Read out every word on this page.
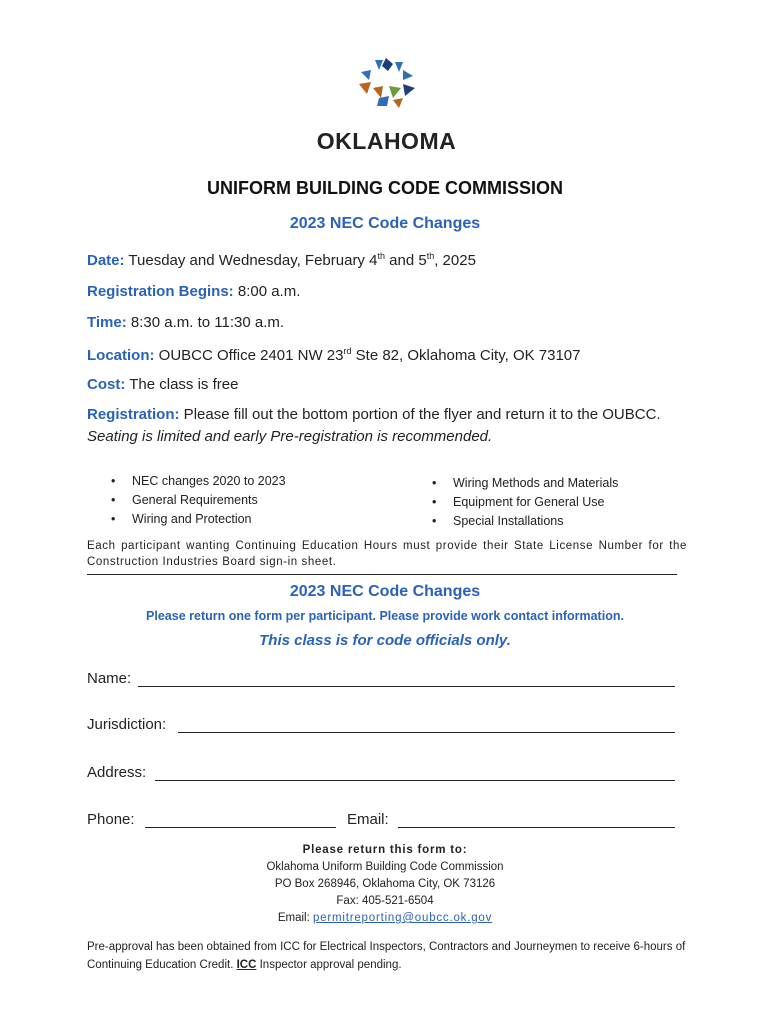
OKLAHOMA
UNIFORM BUILDING CODE COMMISSION
2023 NEC Code Changes
Date: Tuesday and Wednesday, February 4th and 5th, 2025
Registration Begins: 8:00 a.m.
Time: 8:30 a.m. to 11:30 a.m.
Location: OUBCC Office 2401 NW 23rd Ste 82, Oklahoma City, OK 73107
Cost: The class is free
Registration: Please fill out the bottom portion of the flyer and return it to the OUBCC. Seating is limited and early Pre-registration is recommended.
• NEC changes 2020 to 2023
• General Requirements
• Wiring and Protection
• Wiring Methods and Materials
• Equipment for General Use
• Special Installations
Each participant wanting Continuing Education Hours must provide their State License Number for the Construction Industries Board sign-in sheet.
2023 NEC Code Changes
Please return one form per participant. Please provide work contact information.
This class is for code officials only.
Name:
Jurisdiction:
Address:
Phone:	Email:
Please return this form to:
Oklahoma Uniform Building Code Commission
PO Box 268946, Oklahoma City, OK 73126
Fax: 405-521-6504
Email: permitreporting@oubcc.ok.gov
Pre-approval has been obtained from ICC for Electrical Inspectors, Contractors and Journeymen to receive 6-hours of Continuing Education Credit. ICC Inspector approval pending.
